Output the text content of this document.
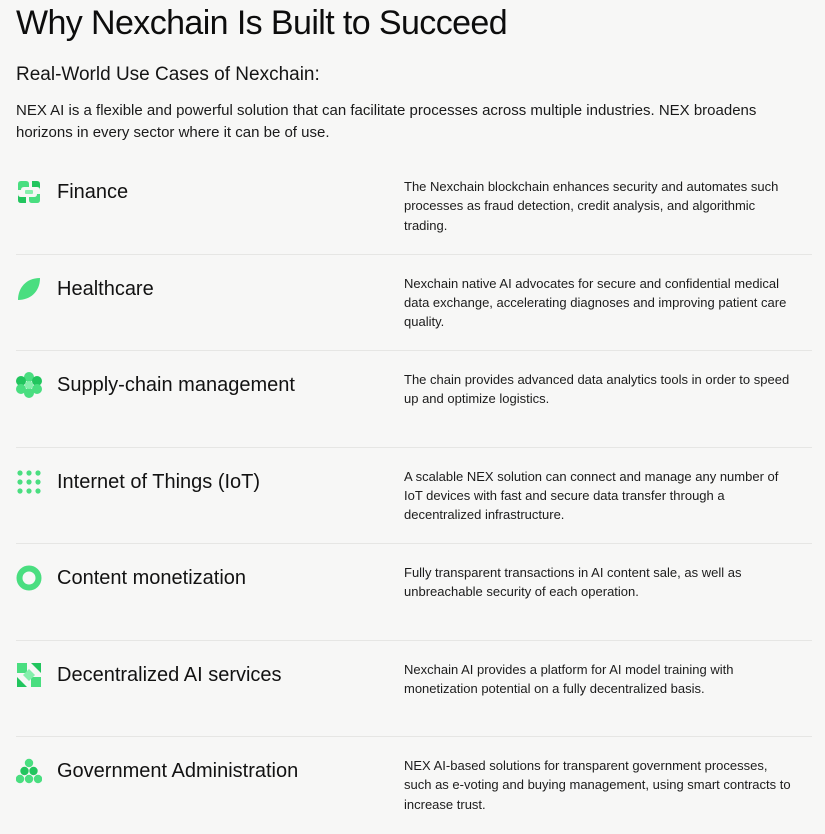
Why Nexchain Is Built to Succeed
Real-World Use Cases of Nexchain:

NEX AI is a flexible and powerful solution that can facilitate processes across multiple industries. NEX broadens horizons in every sector where it can be of use.

Finance	The Nexchain blockchain enhances security and automates such processes as fraud detection, credit analysis, and algorithmic trading.
Healthcare	Nexchain native AI advocates for secure and confidential medical data exchange, accelerating diagnoses and improving patient care quality.
Supply-chain management	The chain provides advanced data analytics tools in order to speed up and optimize logistics.
Internet of Things (IoT)	A scalable NEX solution can connect and manage any number of IoT devices with fast and secure data transfer through a decentralized infrastructure.
Content monetization	Fully transparent transactions in AI content sale, as well as unbreachable security of each operation.
Decentralized AI services	Nexchain AI provides a platform for AI model training with monetization potential on a fully decentralized basis.
Government Administration	NEX AI-based solutions for transparent government processes, such as e-voting and buying management, using smart contracts to increase trust.
